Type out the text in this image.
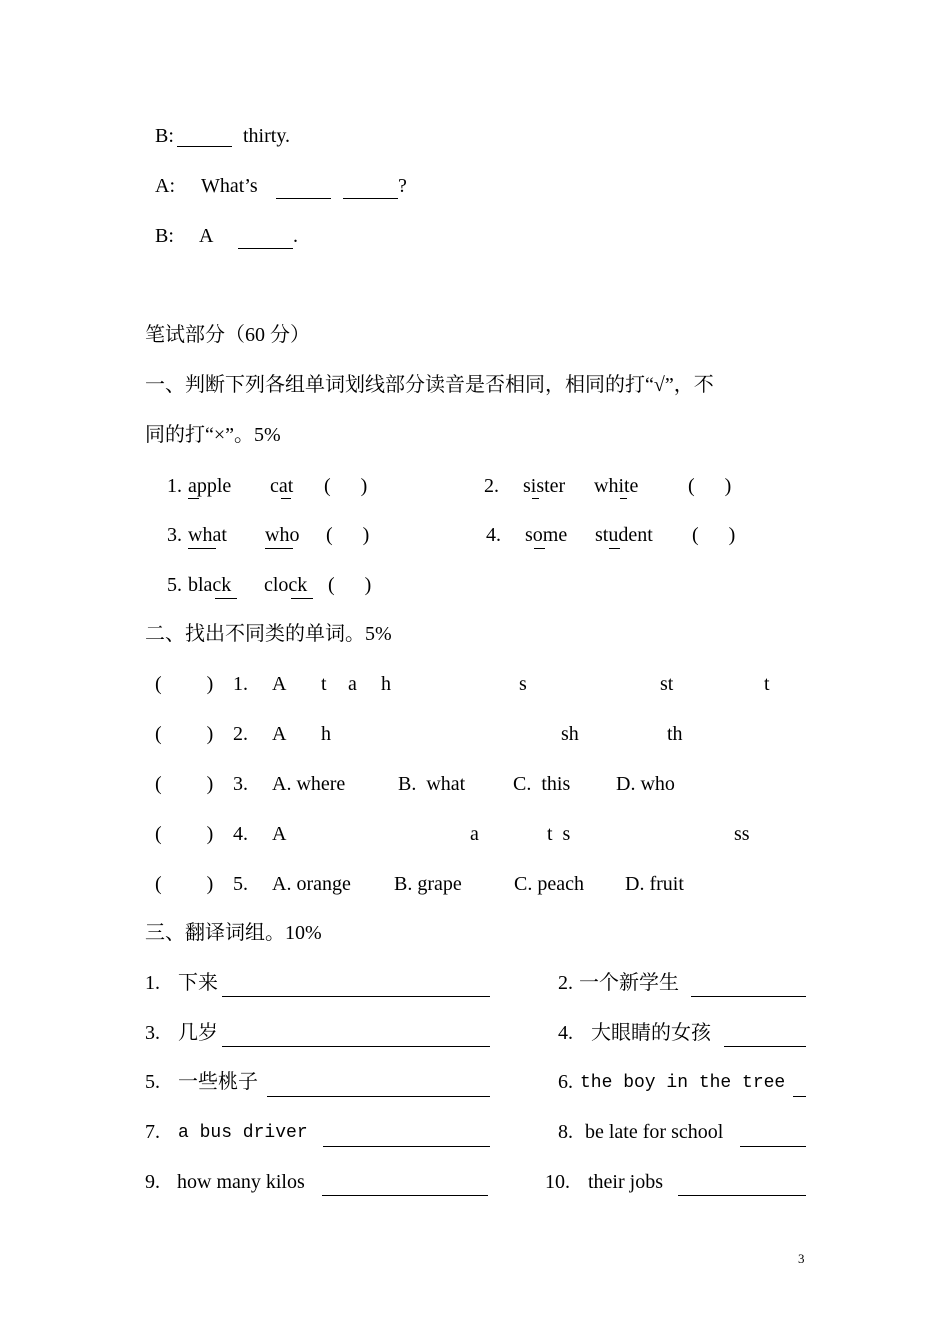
B:	thirty.
A: What’s	?
B: A	.
笔试部分（60 分）
一、判断下列各组单词划线部分读音是否相同，相同的打“√”，不
同的打“×”。5%
1. apple cat (      )	2. sister white (      )
3. what who (      )	4. some student (      )
5. black clock (      )
二、找出不同类的单词。5%
(         ) 1. A t a h	s	st	t
(         ) 2. A h	sh	th
(         ) 3. A. where	B.  what C.  this D. who
(         ) 4. A	a	t  s	ss
(         ) 5. A. orange B. grape	C. peach D. fruit
三、翻译词组。10%
1. 下来	2. 一个新学生
3. 几岁	4. 大眼睛的女孩
5. 一些桃子	6. the boy in the tree
7. a bus driver	8. be late for school
9. how many kilos	10. their jobs
3
